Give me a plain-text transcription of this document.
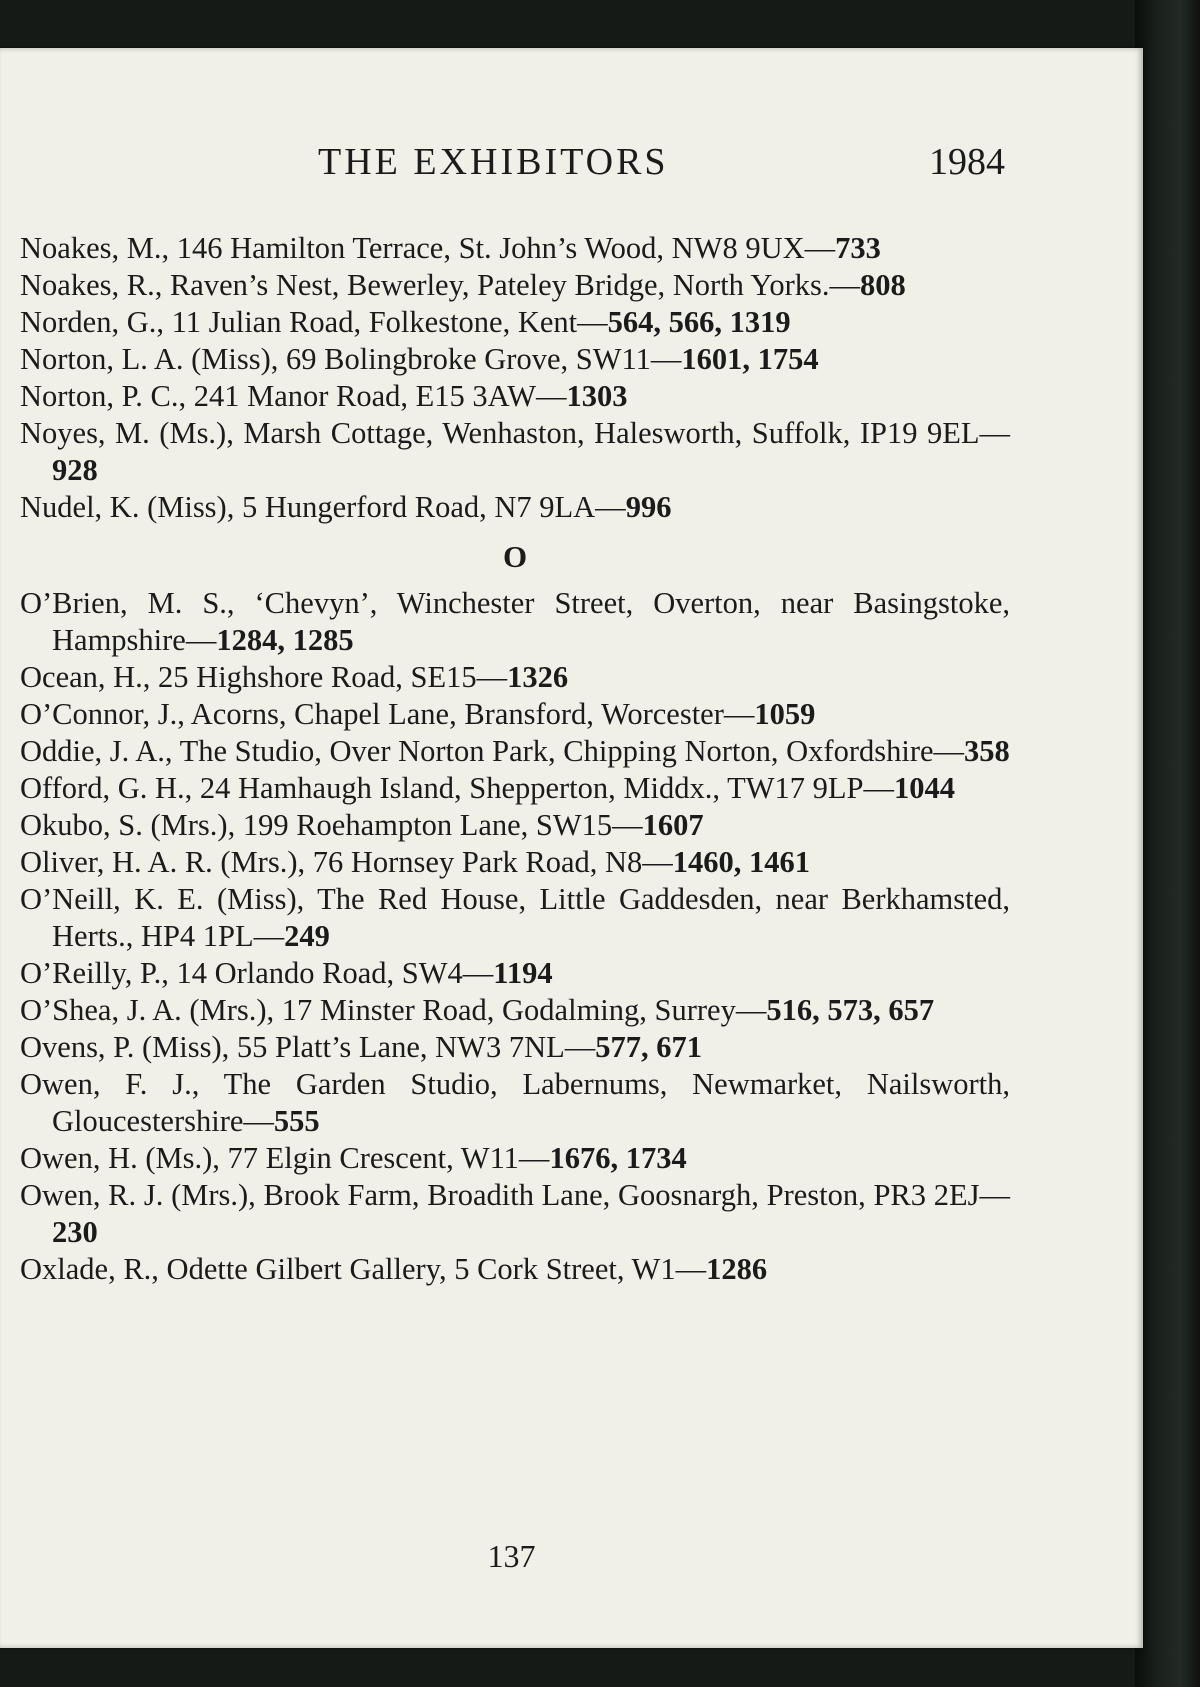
THE EXHIBITORS	1984
Noakes, M., 146 Hamilton Terrace, St. John’s Wood, NW8 9UX—733
Noakes, R., Raven’s Nest, Bewerley, Pateley Bridge, North Yorks.—808
Norden, G., 11 Julian Road, Folkestone, Kent—564, 566, 1319
Norton, L. A. (Miss), 69 Bolingbroke Grove, SW11—1601, 1754
Norton, P. C., 241 Manor Road, E15 3AW—1303
Noyes, M. (Ms.), Marsh Cottage, Wenhaston, Halesworth, Suffolk, IP19 9EL—928
Nudel, K. (Miss), 5 Hungerford Road, N7 9LA—996
O
O’Brien, M. S., ‘Chevyn’, Winchester Street, Overton, near Basingstoke, Hampshire—1284, 1285
Ocean, H., 25 Highshore Road, SE15—1326
O’Connor, J., Acorns, Chapel Lane, Bransford, Worcester—1059
Oddie, J. A., The Studio, Over Norton Park, Chipping Norton, Oxfordshire—358
Offord, G. H., 24 Hamhaugh Island, Shepperton, Middx., TW17 9LP—1044
Okubo, S. (Mrs.), 199 Roehampton Lane, SW15—1607
Oliver, H. A. R. (Mrs.), 76 Hornsey Park Road, N8—1460, 1461
O’Neill, K. E. (Miss), The Red House, Little Gaddesden, near Berkhamsted, Herts., HP4 1PL—249
O’Reilly, P., 14 Orlando Road, SW4—1194
O’Shea, J. A. (Mrs.), 17 Minster Road, Godalming, Surrey—516, 573, 657
Ovens, P. (Miss), 55 Platt’s Lane, NW3 7NL—577, 671
Owen, F. J., The Garden Studio, Labernums, Newmarket, Nailsworth, Gloucestershire—555
Owen, H. (Ms.), 77 Elgin Crescent, W11—1676, 1734
Owen, R. J. (Mrs.), Brook Farm, Broadith Lane, Goosnargh, Preston, PR3 2EJ—230
Oxlade, R., Odette Gilbert Gallery, 5 Cork Street, W1—1286
137
